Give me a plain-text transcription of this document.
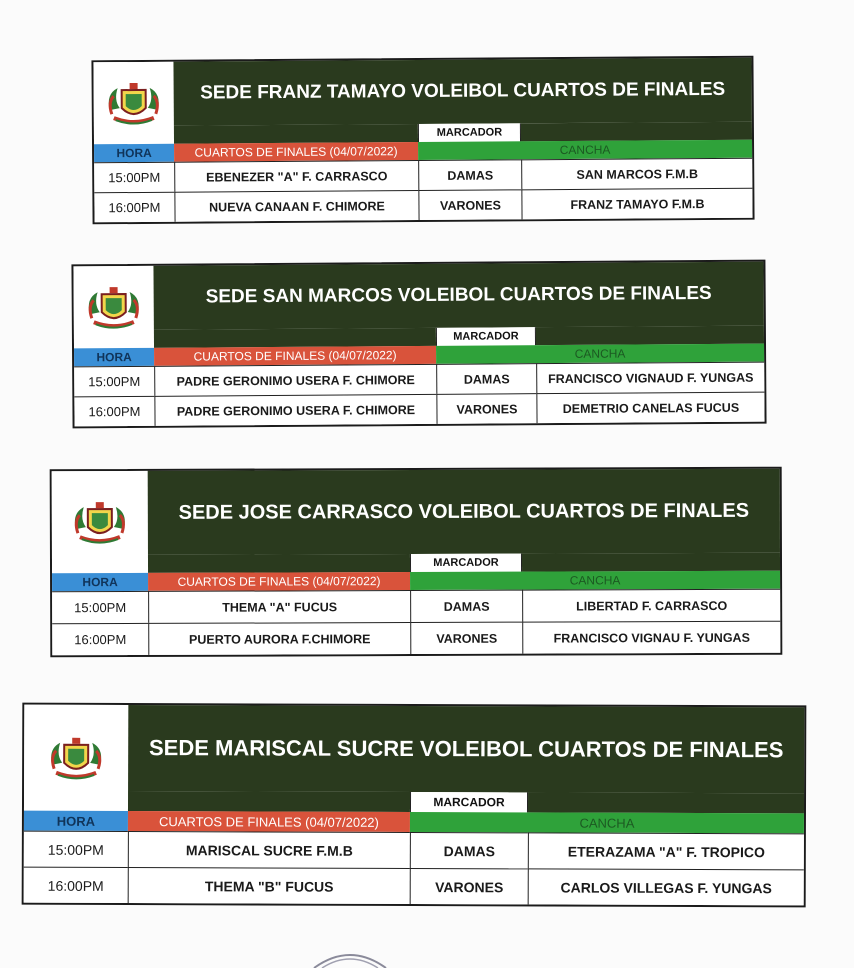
SEDE FRANZ TAMAYO VOLEIBOL CUARTOS DE FINALES
MARCADOR
HORA	CUARTOS DE FINALES (04/07/2022)	CANCHA
15:00PM	EBENEZER "A" F. CARRASCO	DAMAS	SAN MARCOS F.M.B
16:00PM	NUEVA CANAAN F. CHIMORE	VARONES	FRANZ TAMAYO F.M.B
SEDE SAN MARCOS VOLEIBOL CUARTOS DE FINALES
MARCADOR
HORA	CUARTOS DE FINALES (04/07/2022)	CANCHA
15:00PM	PADRE GERONIMO USERA F. CHIMORE	DAMAS	FRANCISCO VIGNAUD F. YUNGAS
16:00PM	PADRE GERONIMO USERA F. CHIMORE	VARONES	DEMETRIO CANELAS FUCUS
SEDE JOSE CARRASCO VOLEIBOL CUARTOS DE FINALES
MARCADOR
HORA	CUARTOS DE FINALES (04/07/2022)	CANCHA
15:00PM	THEMA "A" FUCUS	DAMAS	LIBERTAD F. CARRASCO
16:00PM	PUERTO AURORA F.CHIMORE	VARONES	FRANCISCO VIGNAU F. YUNGAS
SEDE MARISCAL SUCRE VOLEIBOL CUARTOS DE FINALES
MARCADOR
HORA	CUARTOS DE FINALES (04/07/2022)	CANCHA
15:00PM	MARISCAL SUCRE F.M.B	DAMAS	ETERAZAMA "A" F. TROPICO
16:00PM	THEMA "B" FUCUS	VARONES	CARLOS VILLEGAS F. YUNGAS
